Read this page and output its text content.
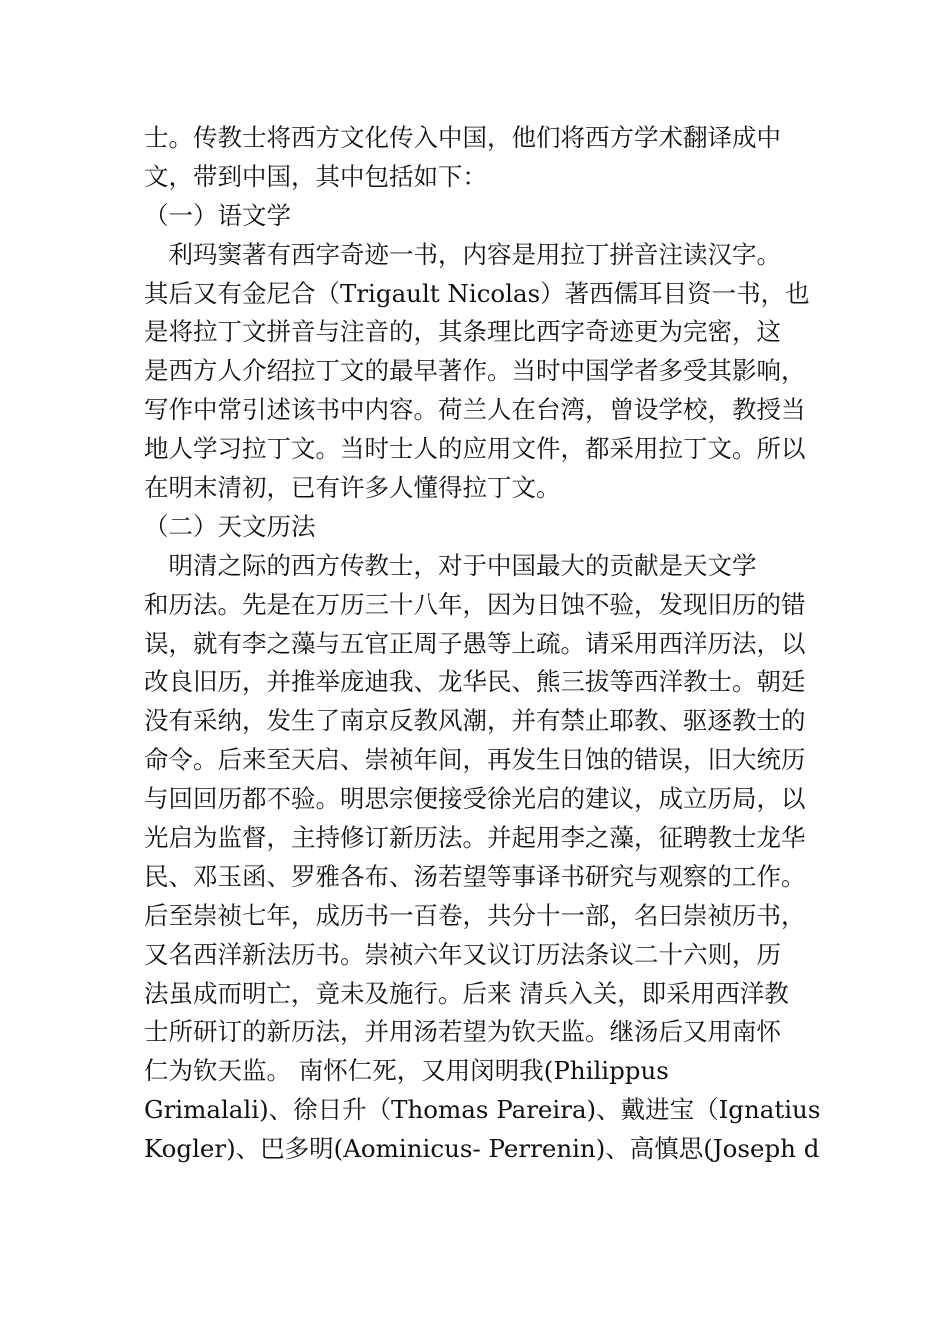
士。传教士将西方文化传入中国，他们将西方学术翻译成中
文，带到中国，其中包括如下：
（一）语文学
　利玛窦著有西字奇迹一书，内容是用拉丁拼音注读汉字。
其后又有金尼合（Trigault Nicolas）著西儒耳目资一书，也
是将拉丁文拼音与注音的，其条理比西字奇迹更为完密，这
是西方人介绍拉丁文的最早著作。当时中国学者多受其影响，
写作中常引述该书中内容。荷兰人在台湾，曾设学校，教授当
地人学习拉丁文。当时士人的应用文件，都采用拉丁文。所以
在明末清初，已有许多人懂得拉丁文。
（二）天文历法
　明清之际的西方传教士，对于中国最大的贡献是天文学
和历法。先是在万历三十八年，因为日蚀不验，发现旧历的错
误，就有李之藻与五官正周子愚等上疏。请采用西洋历法，以
改良旧历，并推举庞迪我、龙华民、熊三拔等西洋教士。朝廷
没有采纳，发生了南京反教风潮，并有禁止耶教、驱逐教士的
命令。后来至天启、崇祯年间，再发生日蚀的错误，旧大统历
与回回历都不验。明思宗便接受徐光启的建议，成立历局，以
光启为监督，主持修订新历法。并起用李之藻，征聘教士龙华
民、邓玉函、罗雅各布、汤若望等事译书研究与观察的工作。
后至崇祯七年，成历书一百卷，共分十一部，名曰崇祯历书，
又名西洋新法历书。崇祯六年又议订历法条议二十六则，历
法虽成而明亡，竟未及施行。后来 清兵入关，即采用西洋教
士所研订的新历法，并用汤若望为钦天监。继汤后又用南怀
仁为钦天监。 南怀仁死，又用闵明我(Philippus
Grimalali)、徐日升（Thomas Pareira)、戴进宝（Ignatius
Kogler)、巴多明(Aominicus- Perrenin)、高慎思(Joseph d
